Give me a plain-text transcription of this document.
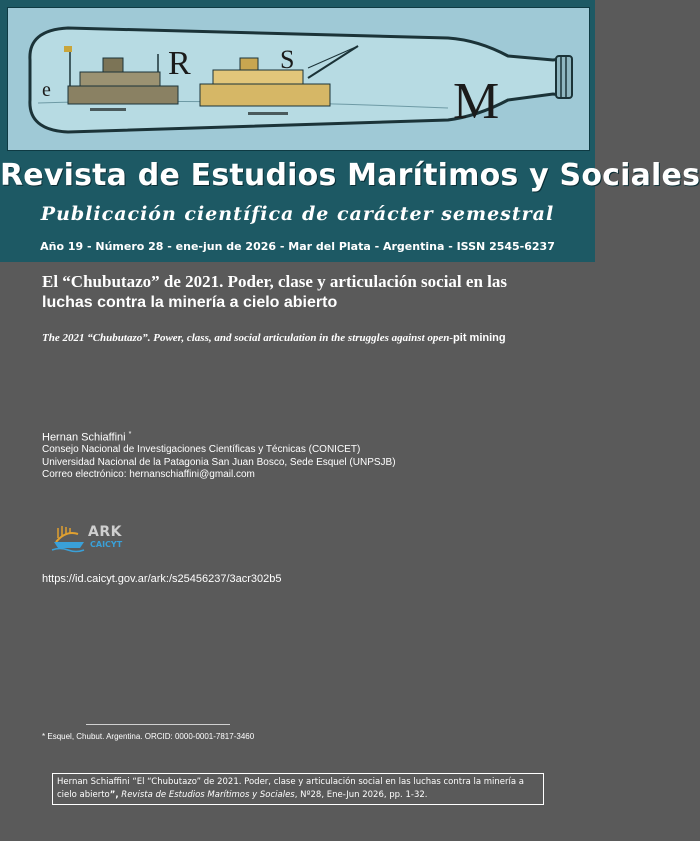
e
R	S
M
Revista de Estudios Marítimos y Sociales
Publicación científica de carácter semestral
Año 19 - Número 28 - ene-jun de 2026 - Mar del Plata - Argentina - ISSN 2545-6237
El “Chubutazo” de 2021. Poder, clase y articulación social en las
luchas contra la minería a cielo abierto
The 2021 “Chubutazo”. Power, class, and social articulation in the struggles against open-pit mining
Hernan Schiaffini *
Consejo Nacional de Investigaciones Científicas y Técnicas (CONICET)
Universidad Nacional de la Patagonia San Juan Bosco, Sede Esquel (UNPSJB)
Correo electrónico: hernanschiaffini@gmail.com
ARK
CAICYT
https://id.caicyt.gov.ar/ark:/s25456237/3acr302b5
* Esquel, Chubut. Argentina. ORCID: 0000-0001-7817-3460
Hernan Schiaffini “El “Chubutazo” de 2021. Poder, clase y articulación social en las luchas contra la minería a cielo abierto”, Revista de Estudios Marítimos y Sociales, Nº28, Ene-Jun 2026, pp. 1-32.
